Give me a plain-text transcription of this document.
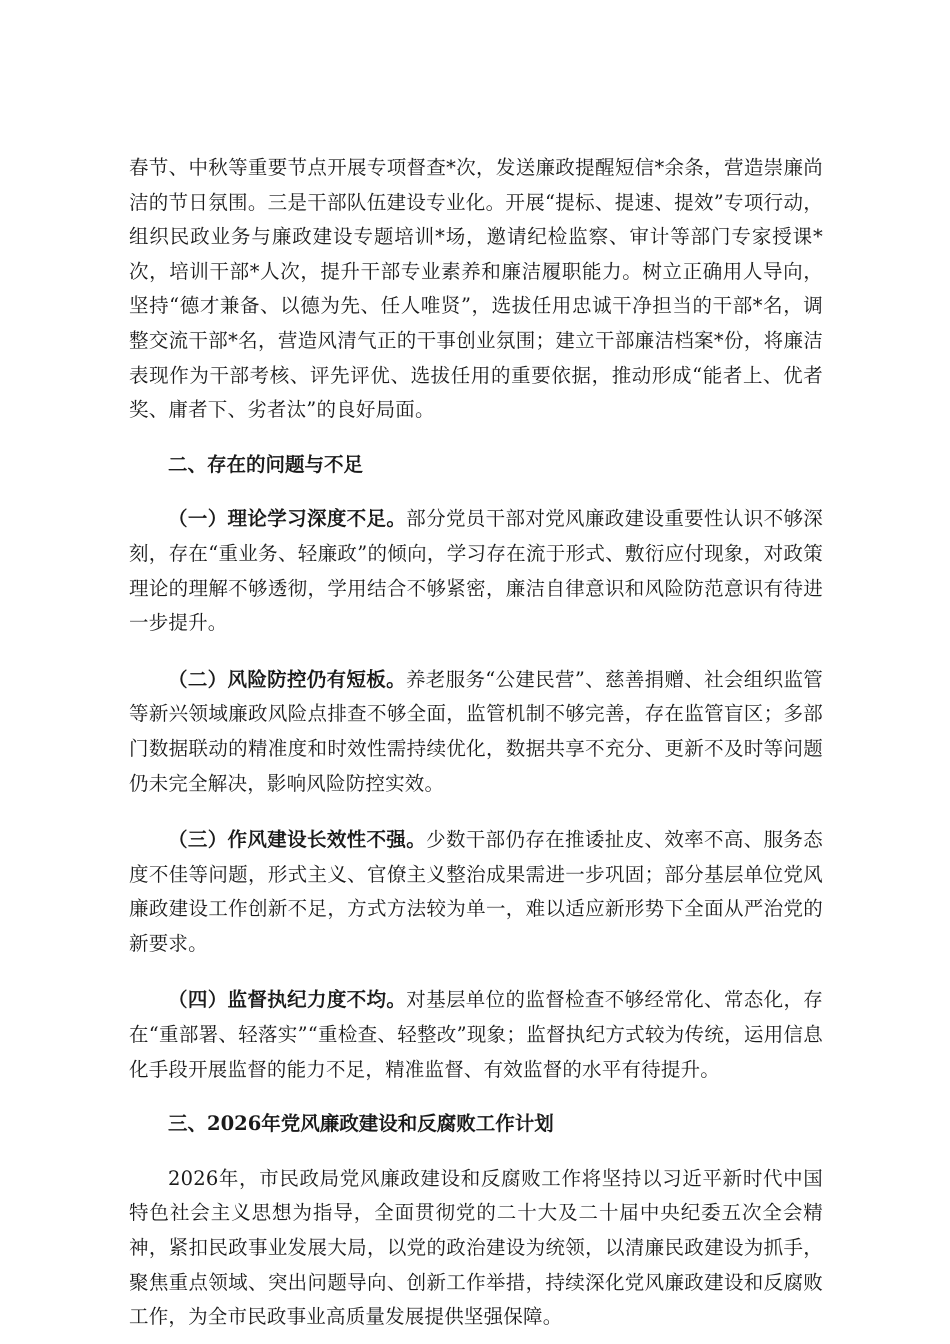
春节、中秋等重要节点开展专项督查*次，发送廉政提醒短信*余条，营造崇廉尚洁的节日氛围。三是干部队伍建设专业化。开展“提标、提速、提效”专项行动，组织民政业务与廉政建设专题培训*场，邀请纪检监察、审计等部门专家授课*次，培训干部*人次，提升干部专业素养和廉洁履职能力。树立正确用人导向，坚持“德才兼备、以德为先、任人唯贤”，选拔任用忠诚干净担当的干部*名，调整交流干部*名，营造风清气正的干事创业氛围；建立干部廉洁档案*份，将廉洁表现作为干部考核、评先评优、选拔任用的重要依据，推动形成“能者上、优者奖、庸者下、劣者汰”的良好局面。

二、存在的问题与不足

（一）理论学习深度不足。部分党员干部对党风廉政建设重要性认识不够深刻，存在“重业务、轻廉政”的倾向，学习存在流于形式、敷衍应付现象，对政策理论的理解不够透彻，学用结合不够紧密，廉洁自律意识和风险防范意识有待进一步提升。

（二）风险防控仍有短板。养老服务“公建民营”、慈善捐赠、社会组织监管等新兴领域廉政风险点排查不够全面，监管机制不够完善，存在监管盲区；多部门数据联动的精准度和时效性需持续优化，数据共享不充分、更新不及时等问题仍未完全解决，影响风险防控实效。

（三）作风建设长效性不强。少数干部仍存在推诿扯皮、效率不高、服务态度不佳等问题，形式主义、官僚主义整治成果需进一步巩固；部分基层单位党风廉政建设工作创新不足，方式方法较为单一，难以适应新形势下全面从严治党的新要求。

（四）监督执纪力度不均。对基层单位的监督检查不够经常化、常态化，存在“重部署、轻落实”“重检查、轻整改”现象；监督执纪方式较为传统，运用信息化手段开展监督的能力不足，精准监督、有效监督的水平有待提升。

三、2026年党风廉政建设和反腐败工作计划

2026年，市民政局党风廉政建设和反腐败工作将坚持以习近平新时代中国特色社会主义思想为指导，全面贯彻党的二十大及二十届中央纪委五次全会精神，紧扣民政事业发展大局，以党的政治建设为统领，以清廉民政建设为抓手，聚焦重点领域、突出问题导向、创新工作举措，持续深化党风廉政建设和反腐败工作，为全市民政事业高质量发展提供坚强保障。
